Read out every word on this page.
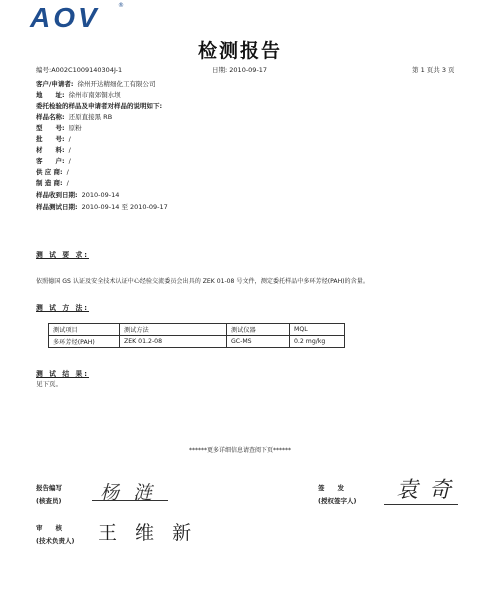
AOV	®
检测报告
编号:A002C1009140304J-1	日期: 2010-09-17	第 1 页共 3 页
客户/申请者: 徐州开达精细化工有限公司
地　　址: 徐州市南郊铜水坝
委托检验的样品及申请者对样品的说明如下:
样品名称: 还原直接黑 RB
型　　号: 原粉
批　　号: /
材　　料: /
客　　户: /
供 应 商: /
制 造 商: /
样品收到日期: 2010-09-14
样品测试日期: 2010-09-14 至 2010-09-17
测 试 要 求:
依照德国 GS 认证及安全技术认证中心经验交流委员会出具的 ZEK 01-08 号文件，测定委托样品中多环芳烃(PAH)的含量。
测 试 方 法:
测试项目	测试方法	测试仪器	MQL
多环芳烃(PAH)	ZEK 01.2-08	GC-MS	0.2 mg/kg
测 试 结 果:
见下页。
******更多详细信息请查阅下页******
报告编写
(核查员) 杨 涟	签　　发
(授权签字人) 袁 奇
审　　核
(技术负责人) 王 维 新
